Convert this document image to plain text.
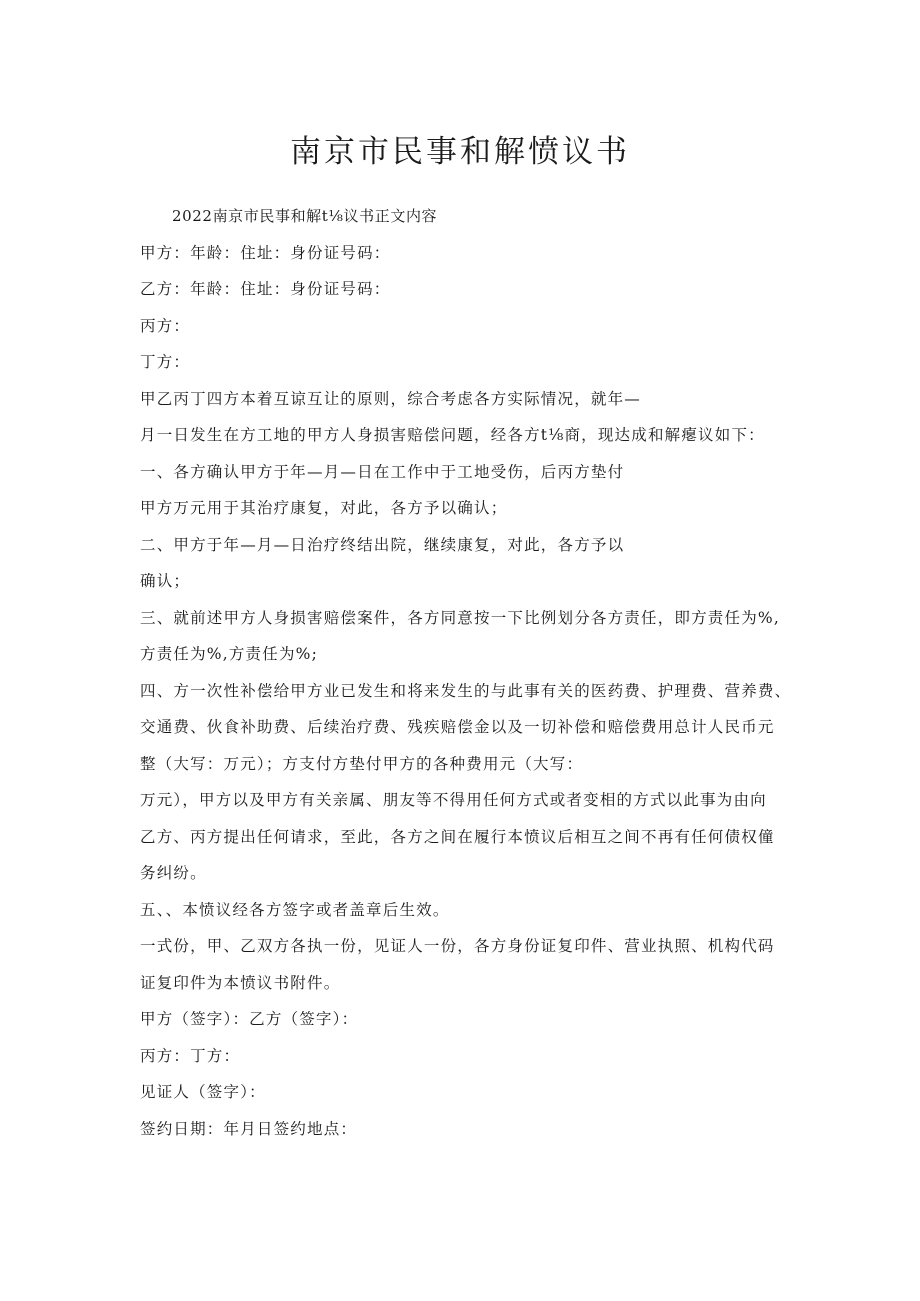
南京市民事和解愤议书
2022南京市民事和解t⅛议书正文内容
甲方：年龄：住址：身份证号码：
乙方：年龄：住址：身份证号码：
丙方：
丁方：
甲乙丙丁四方本着互谅互让的原则，综合考虑各方实际情况，就年—
月一日发生在方工地的甲方人身损害赔偿问题，经各方t⅛商，现达成和解瘪议如下：
一、各方确认甲方于年—月—日在工作中于工地受伤，后丙方垫付
甲方万元用于其治疗康复，对此，各方予以确认；
二、甲方于年—月—日治疗终结出院，继续康复，对此，各方予以
确认；
三、就前述甲方人身损害赔偿案件，各方同意按一下比例划分各方责任，即方责任为%,
方责任为%,方责任为%;
四、方一次性补偿给甲方业已发生和将来发生的与此事有关的医药费、护理费、营养费、
交通费、伙食补助费、后续治疗费、残疾赔偿金以及一切补偿和赔偿费用总计人民币元
整（大写：万元）；方支付方垫付甲方的各种费用元（大写：
万元），甲方以及甲方有关亲属、朋友等不得用任何方式或者变相的方式以此事为由向
乙方、丙方提出任何请求，至此，各方之间在履行本愤议后相互之间不再有任何债权僮
务纠纷。
五、、本愤议经各方签字或者盖章后生效。
一式份，甲、乙双方各执一份，见证人一份，各方身份证复印件、营业执照、机构代码
证复印件为本愤议书附件。
甲方（签字）：乙方（签字）：
丙方：丁方：
见证人（签字）：
签约日期：年月日签约地点：
